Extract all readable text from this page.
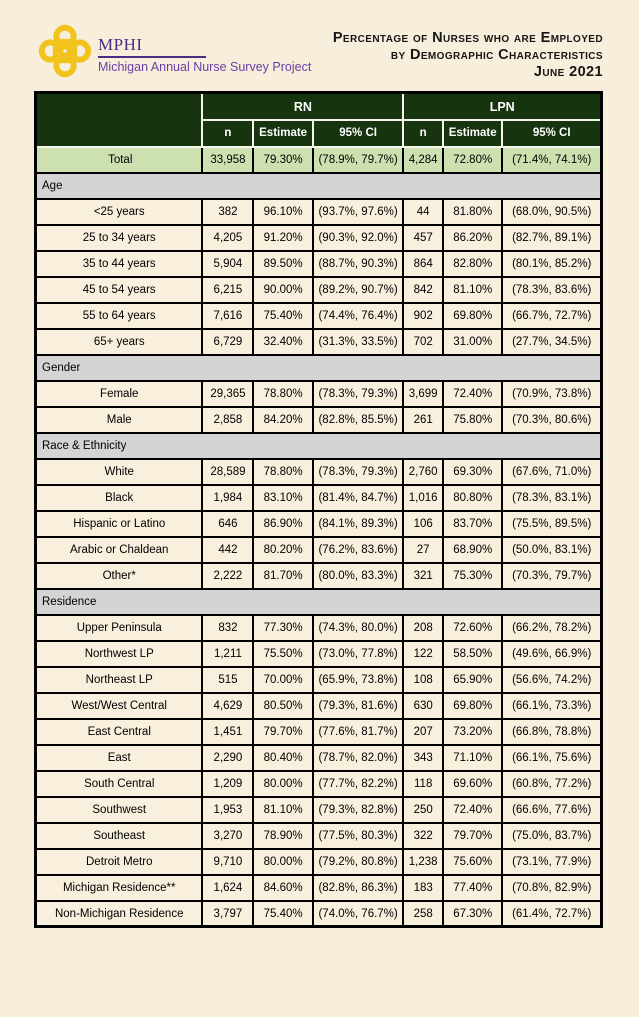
MPHI
Michigan Annual Nurse Survey Project
Percentage of Nurses who are Employed
by Demographic Characteristics
June 2021
	RN			LPN		
	n	Estimate	95% CI	n	Estimate	95% CI
Total	33,958	79.30%	(78.9%, 79.7%)	4,284	72.80%	(71.4%, 74.1%)
Age						
<25 years	382	96.10%	(93.7%, 97.6%)	44	81.80%	(68.0%, 90.5%)
25 to 34 years	4,205	91.20%	(90.3%, 92.0%)	457	86.20%	(82.7%, 89.1%)
35 to 44 years	5,904	89.50%	(88.7%, 90.3%)	864	82.80%	(80.1%, 85.2%)
45 to 54 years	6,215	90.00%	(89.2%, 90.7%)	842	81.10%	(78.3%, 83.6%)
55 to 64 years	7,616	75.40%	(74.4%, 76.4%)	902	69.80%	(66.7%, 72.7%)
65+ years	6,729	32.40%	(31.3%, 33.5%)	702	31.00%	(27.7%, 34.5%)
Gender						
Female	29,365	78.80%	(78.3%, 79.3%)	3,699	72.40%	(70.9%, 73.8%)
Male	2,858	84.20%	(82.8%, 85.5%)	261	75.80%	(70.3%, 80.6%)
Race & Ethnicity						
White	28,589	78.80%	(78.3%, 79.3%)	2,760	69.30%	(67.6%, 71.0%)
Black	1,984	83.10%	(81.4%, 84.7%)	1,016	80.80%	(78.3%, 83.1%)
Hispanic or Latino	646	86.90%	(84.1%, 89.3%)	106	83.70%	(75.5%, 89.5%)
Arabic or Chaldean	442	80.20%	(76.2%, 83.6%)	27	68.90%	(50.0%, 83.1%)
Other*	2,222	81.70%	(80.0%, 83.3%)	321	75.30%	(70.3%, 79.7%)
Residence						
Upper Peninsula	832	77.30%	(74.3%, 80.0%)	208	72.60%	(66.2%, 78.2%)
Northwest LP	1,211	75.50%	(73.0%, 77.8%)	122	58.50%	(49.6%, 66.9%)
Northeast LP	515	70.00%	(65.9%, 73.8%)	108	65.90%	(56.6%, 74.2%)
West/West Central	4,629	80.50%	(79.3%, 81.6%)	630	69.80%	(66.1%, 73.3%)
East Central	1,451	79.70%	(77.6%, 81.7%)	207	73.20%	(66.8%, 78.8%)
East	2,290	80.40%	(78.7%, 82.0%)	343	71.10%	(66.1%, 75.6%)
South Central	1,209	80.00%	(77.7%, 82.2%)	118	69.60%	(60.8%, 77.2%)
Southwest	1,953	81.10%	(79.3%, 82.8%)	250	72.40%	(66.6%, 77.6%)
Southeast	3,270	78.90%	(77.5%, 80.3%)	322	79.70%	(75.0%, 83.7%)
Detroit Metro	9,710	80.00%	(79.2%, 80.8%)	1,238	75.60%	(73.1%, 77.9%)
Michigan Residence**	1,624	84.60%	(82.8%, 86.3%)	183	77.40%	(70.8%, 82.9%)
Non-Michigan Residence	3,797	75.40%	(74.0%, 76.7%)	258	67.30%	(61.4%, 72.7%)
